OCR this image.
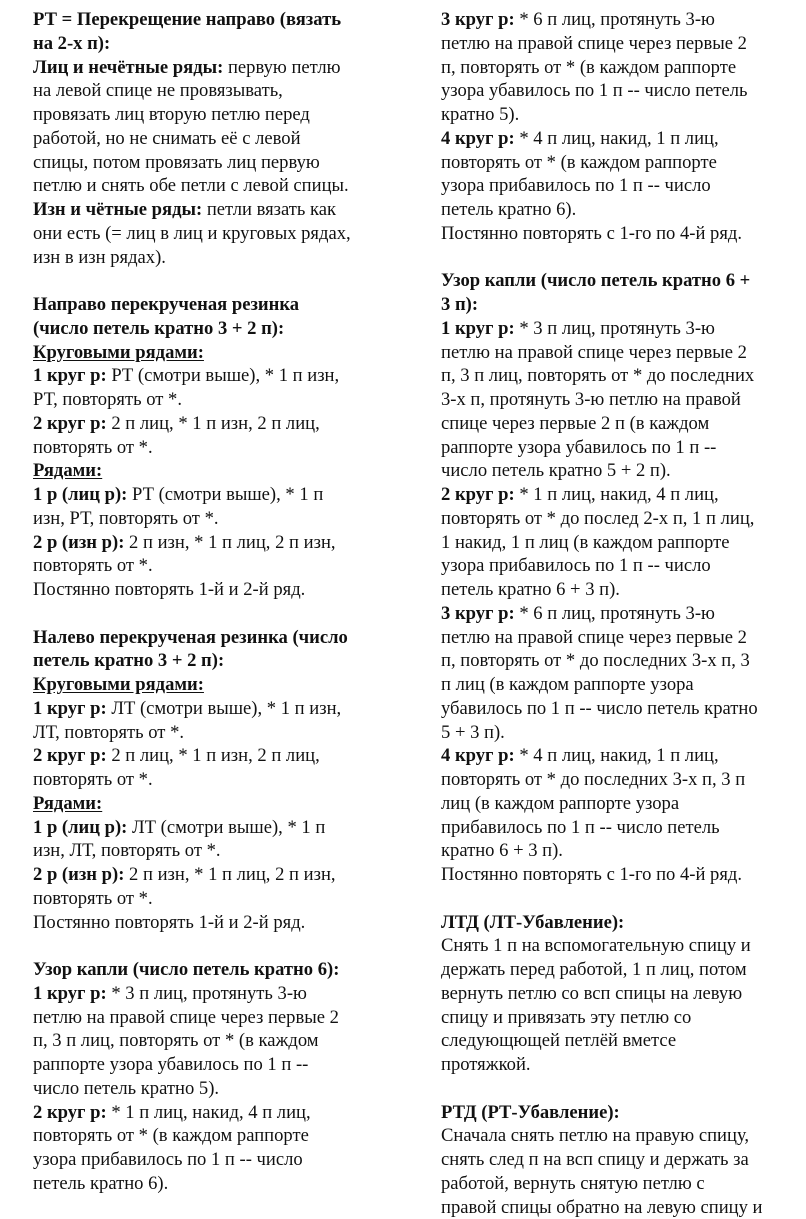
РТ = Перекрещение направо (вязать
на 2-х п):
Лиц и нечётные ряды: первую петлю
на левой спице не провязывать,
провязать лиц вторую петлю перед
работой, но не снимать её с левой
спицы, потом провязать лиц первую
петлю и снять обе петли с левой спицы.
Изн и чётные ряды: петли вязать как
они есть (= лиц в лиц и круговых рядах,
изн в изн рядах).
Направо перекрученая резинка
(число петель кратно 3 + 2 п):
Круговыми рядами:
1 круг р: РТ (смотри выше), * 1 п изн,
РТ, повторять от *.
2 круг р: 2 п лиц, * 1 п изн, 2 п лиц,
повторять от *.
Рядами:
1 р (лиц р): РТ (смотри выше), * 1 п
изн, РТ, повторять от *.
2 р (изн р): 2 п изн, * 1 п лиц, 2 п изн,
повторять от *.
Постянно повторять 1-й и 2-й ряд.
Налево перекрученая резинка (число
петель кратно 3 + 2 п):
Круговыми рядами:
1 круг р: ЛТ (смотри выше), * 1 п изн,
ЛТ, повторять от *.
2 круг р: 2 п лиц, * 1 п изн, 2 п лиц,
повторять от *.
Рядами:
1 р (лиц р): ЛТ (смотри выше), * 1 п
изн, ЛТ, повторять от *.
2 р (изн р): 2 п изн, * 1 п лиц, 2 п изн,
повторять от *.
Постянно повторять 1-й и 2-й ряд.
Узор капли (число петель кратно 6):
1 круг р: * 3 п лиц, протянуть 3-ю
петлю на правой спице через первые 2
п, 3 п лиц, повторять от * (в каждом
раппорте узора убавилось по 1 п --
число петель кратно 5).
2 круг р: * 1 п лиц, накид, 4 п лиц,
повторять от * (в каждом раппорте
узора прибавилось по 1 п -- число
петель кратно 6).
3 круг р: * 6 п лиц, протянуть 3-ю
петлю на правой спице через первые 2
п, повторять от * (в каждом раппорте
узора убавилось по 1 п -- число петель
кратно 5).
4 круг р: * 4 п лиц, накид, 1 п лиц,
повторять от * (в каждом раппорте
узора прибавилось по 1 п -- число
петель кратно 6).
Постянно повторять с 1-го по 4-й ряд.
Узор капли (число петель кратно 6 +
3 п):
1 круг р: * 3 п лиц, протянуть 3-ю
петлю на правой спице через первые 2
п, 3 п лиц, повторять от * до последних
3-х п, протянуть 3-ю петлю на правой
спице через первые 2 п (в каждом
раппорте узора убавилось по 1 п --
число петель кратно 5 + 2 п).
2 круг р: * 1 п лиц, накид, 4 п лиц,
повторять от * до послед 2-х п, 1 п лиц,
1 накид, 1 п лиц (в каждом раппорте
узора прибавилось по 1 п -- число
петель кратно 6 + 3 п).
3 круг р: * 6 п лиц, протянуть 3-ю
петлю на правой спице через первые 2
п, повторять от * до последних 3-х п, 3
п лиц (в каждом раппорте узора
убавилось по 1 п -- число петель кратно
5 + 3 п).
4 круг р: * 4 п лиц, накид, 1 п лиц,
повторять от * до последних 3-х п, 3 п
лиц (в каждом раппорте узора
прибавилось по 1 п -- число петель
кратно 6 + 3 п).
Постянно повторять с 1-го по 4-й ряд.
ЛТД (ЛТ-Убавление):
Снять 1 п на вспомогательную спицу и
держать перед работой, 1 п лиц, потом
вернуть петлю со всп спицы на левую
спицу и привязать эту петлю со
следующющей петлёй вметсе
протяжкой.
РТД (РТ-Убавление):
Сначала снять петлю на правую спицу,
снять след п на всп спицу и держать за
работой, вернуть снятую петлю с
правой спицы обратно на левую спицу и
